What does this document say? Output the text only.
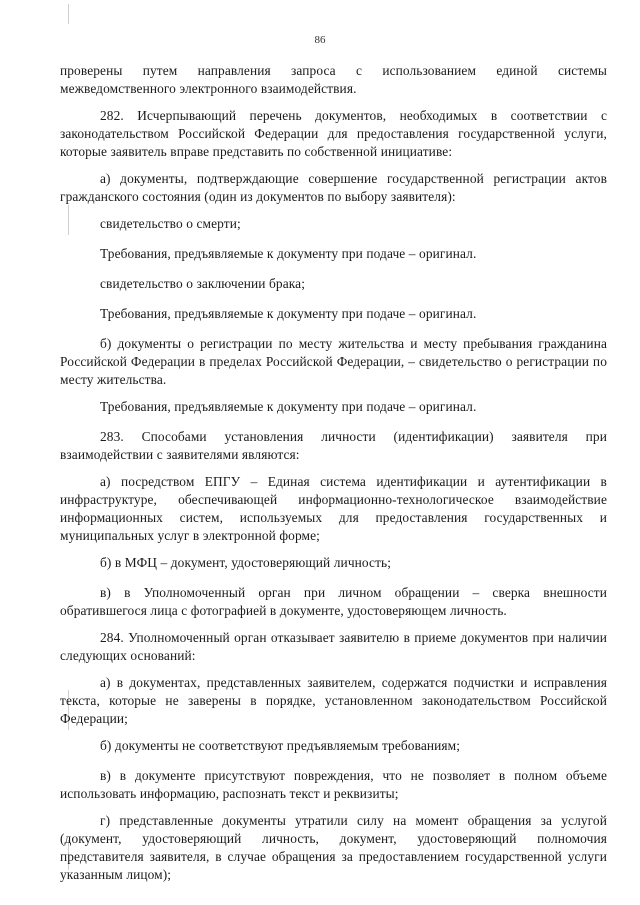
86

проверены путем направления запроса с использованием единой системы межведомственного электронного взаимодействия.

282. Исчерпывающий перечень документов, необходимых в соответствии с законодательством Российской Федерации для предоставления государственной услуги, которые заявитель вправе представить по собственной инициативе:

а) документы, подтверждающие совершение государственной регистрации актов гражданского состояния (один из документов по выбору заявителя):

свидетельство о смерти;

Требования, предъявляемые к документу при подаче – оригинал.

свидетельство о заключении брака;

Требования, предъявляемые к документу при подаче – оригинал.

б) документы о регистрации по месту жительства и месту пребывания гражданина Российской Федерации в пределах Российской Федерации, – свидетельство о регистрации по месту жительства.

Требования, предъявляемые к документу при подаче – оригинал.

283. Способами установления личности (идентификации) заявителя при взаимодействии с заявителями являются:

а) посредством ЕПГУ – Единая система идентификации и аутентификации в инфраструктуре, обеспечивающей информационно-технологическое взаимодействие информационных систем, используемых для предоставления государственных и муниципальных услуг в электронной форме;

б) в МФЦ – документ, удостоверяющий личность;

в) в Уполномоченный орган при личном обращении – сверка внешности обратившегося лица с фотографией в документе, удостоверяющем личность.

284. Уполномоченный орган отказывает заявителю в приеме документов при наличии следующих оснований:

а) в документах, представленных заявителем, содержатся подчистки и исправления текста, которые не заверены в порядке, установленном законодательством Российской Федерации;

б) документы не соответствуют предъявляемым требованиям;

в) в документе присутствуют повреждения, что не позволяет в полном объеме использовать информацию, распознать текст и реквизиты;

г) представленные документы утратили силу на момент обращения за услугой (документ, удостоверяющий личность, документ, удостоверяющий полномочия представителя заявителя, в случае обращения за предоставлением государственной услуги указанным лицом);
